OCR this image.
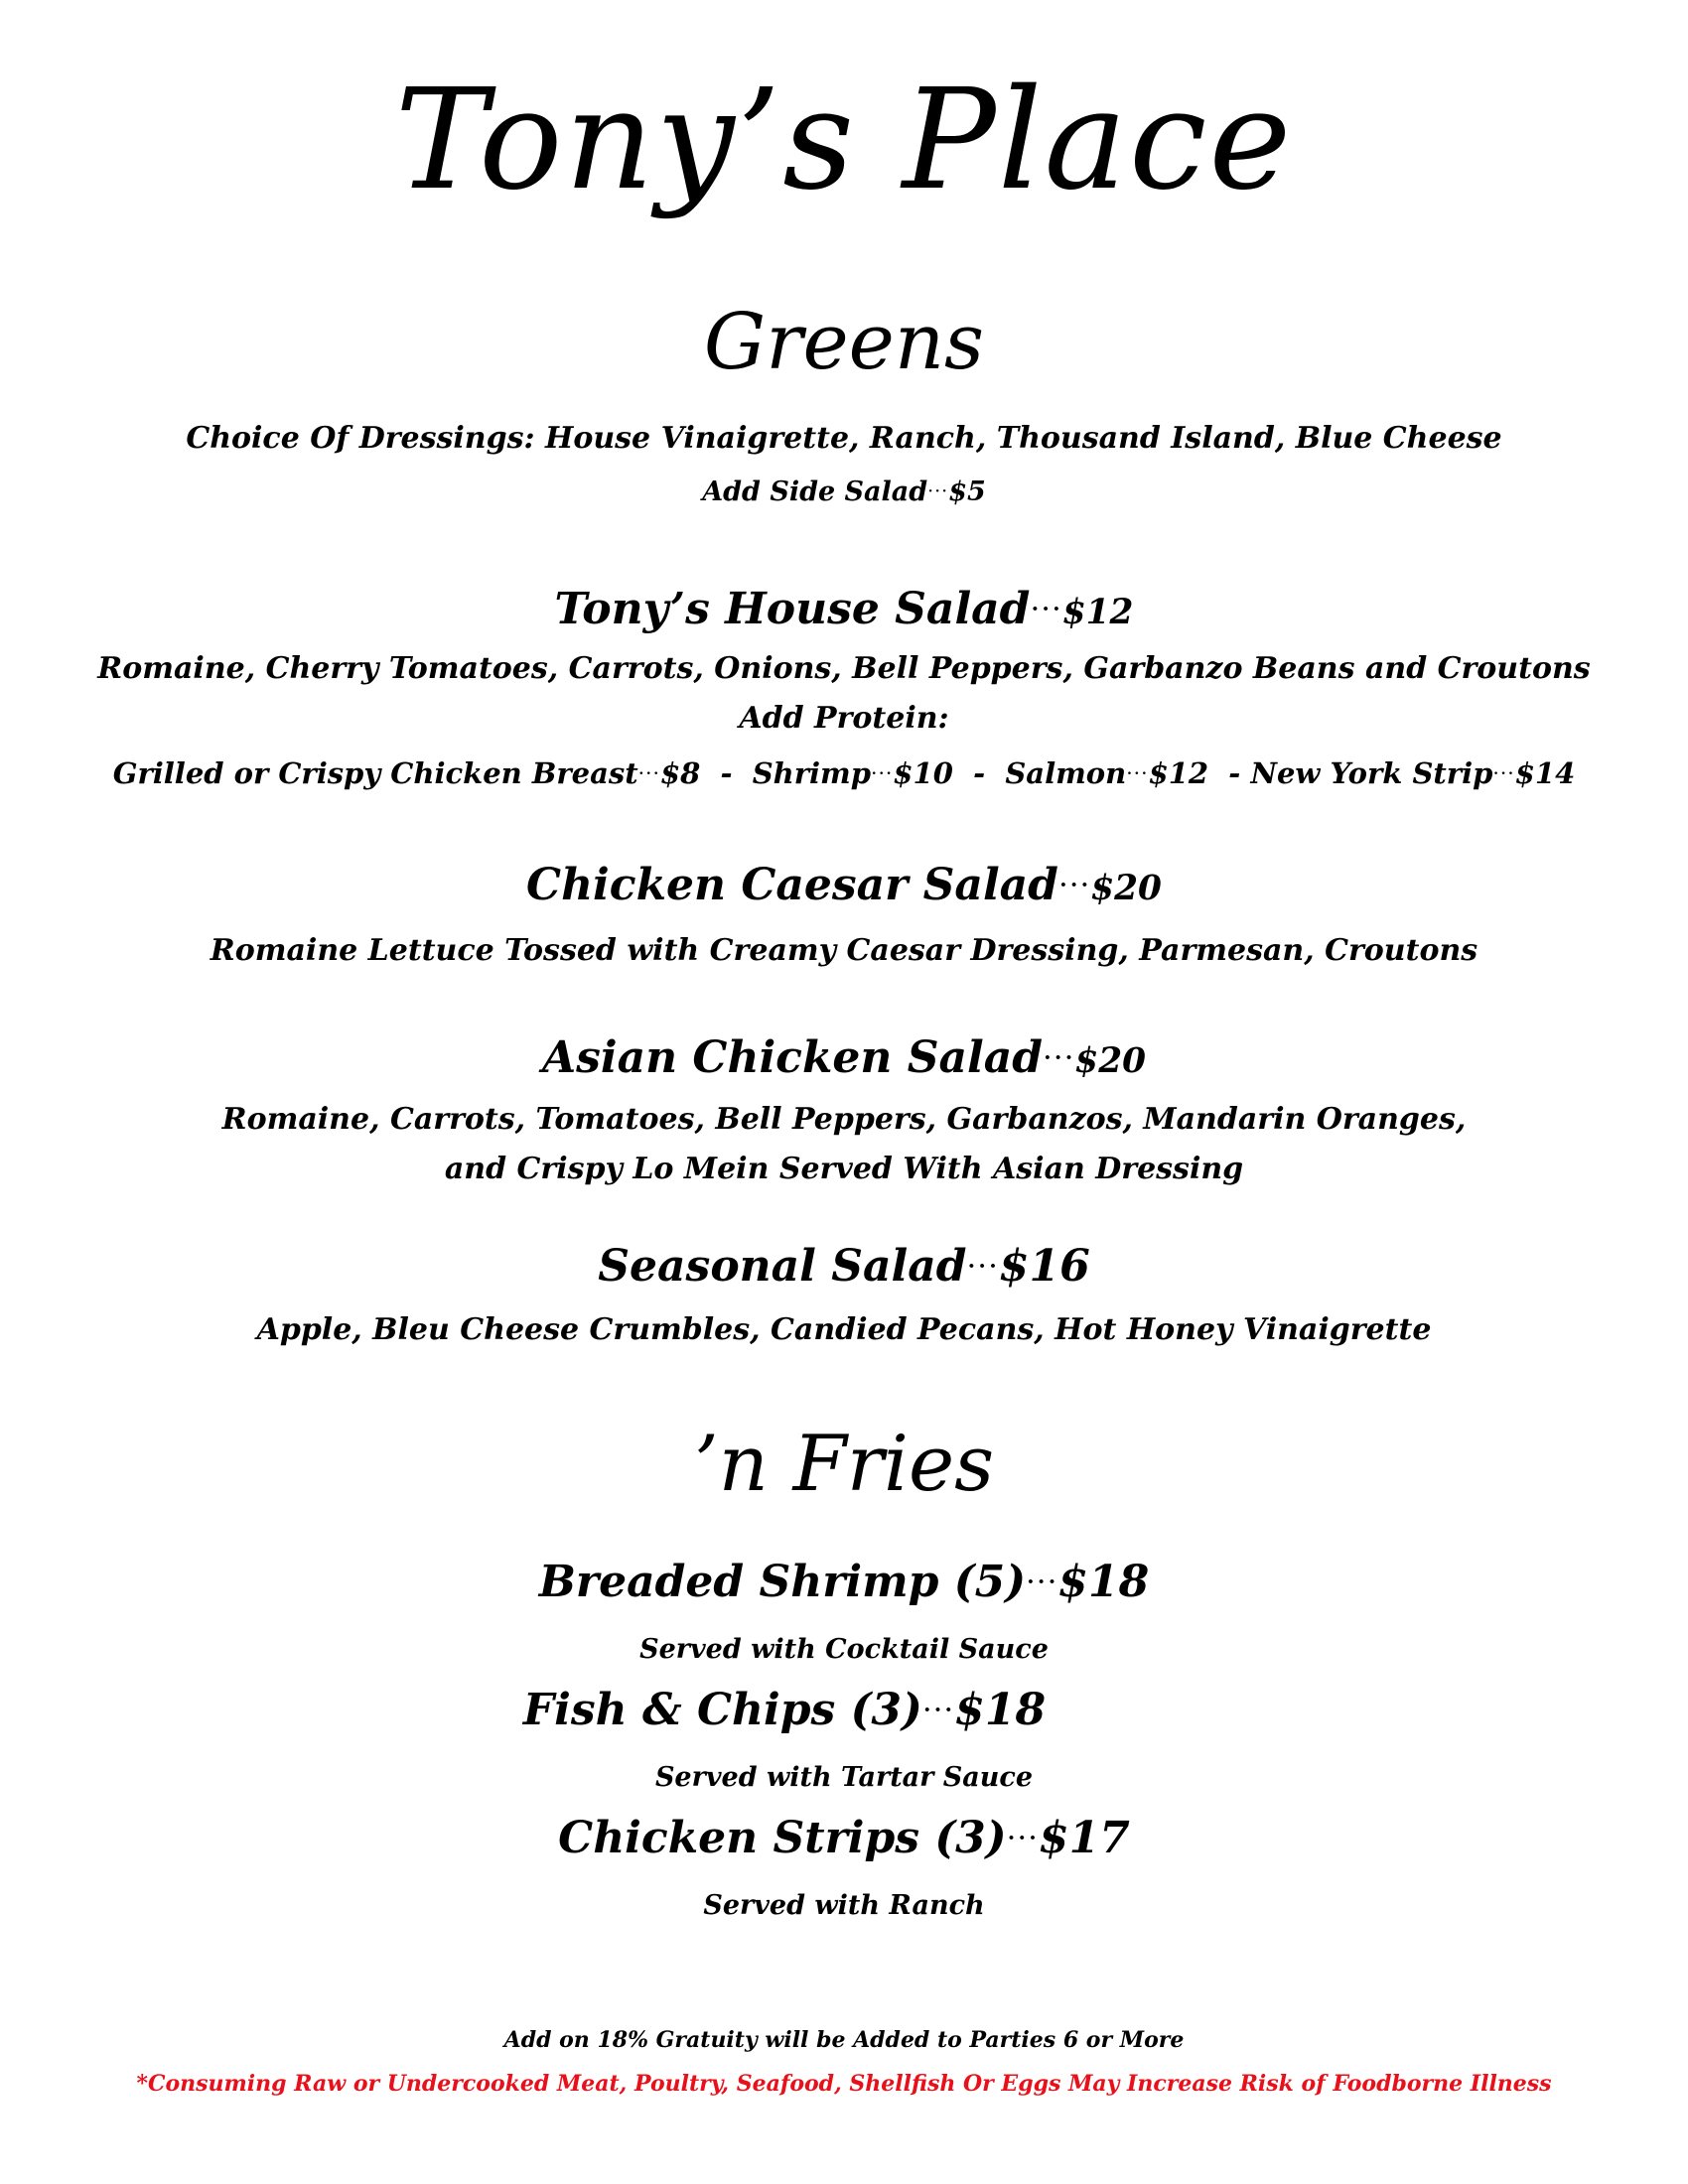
Tony’s Place
Greens
Choice Of Dressings: House Vinaigrette, Ranch, Thousand Island, Blue Cheese
Add Side Salad···$5
Tony’s House Salad···$12
Romaine, Cherry Tomatoes, Carrots, Onions, Bell Peppers, Garbanzo Beans and Croutons
Add Protein:
Grilled or Crispy Chicken Breast···$8  -  Shrimp···$10  -  Salmon···$12  - New York Strip···$14
Chicken Caesar Salad···$20
Romaine Lettuce Tossed with Creamy Caesar Dressing, Parmesan, Croutons
Asian Chicken Salad···$20
Romaine, Carrots, Tomatoes, Bell Peppers, Garbanzos, Mandarin Oranges,
and Crispy Lo Mein Served With Asian Dressing
Seasonal Salad···$16
Apple, Bleu Cheese Crumbles, Candied Pecans, Hot Honey Vinaigrette
’n Fries
Breaded Shrimp (5)···$18
Served with Cocktail Sauce
Fish & Chips (3)···$18
Served with Tartar Sauce
Chicken Strips (3)···$17
Served with Ranch
Add on 18% Gratuity will be Added to Parties 6 or More
*Consuming Raw or Undercooked Meat, Poultry, Seafood, Shellfish Or Eggs May Increase Risk of Foodborne Illness
